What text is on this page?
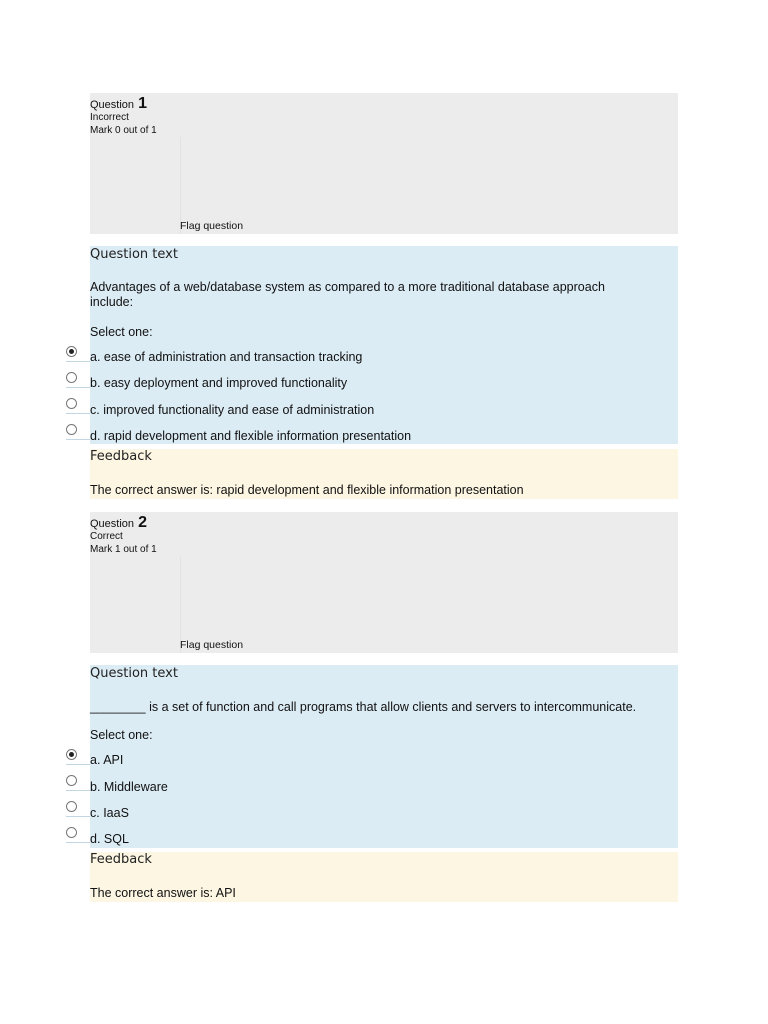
Question 1
Incorrect
Mark 0 out of 1
Flag question
Question text
Advantages of a web/database system as compared to a more traditional database approach include:
Select one:
a. ease of administration and transaction tracking
b. easy deployment and improved functionality
c. improved functionality and ease of administration
d. rapid development and flexible information presentation
Feedback
The correct answer is: rapid development and flexible information presentation
Question 2
Correct
Mark 1 out of 1
Flag question
Question text
________ is a set of function and call programs that allow clients and servers to intercommunicate.
Select one:
a. API
b. Middleware
c. IaaS
d. SQL
Feedback
The correct answer is: API
